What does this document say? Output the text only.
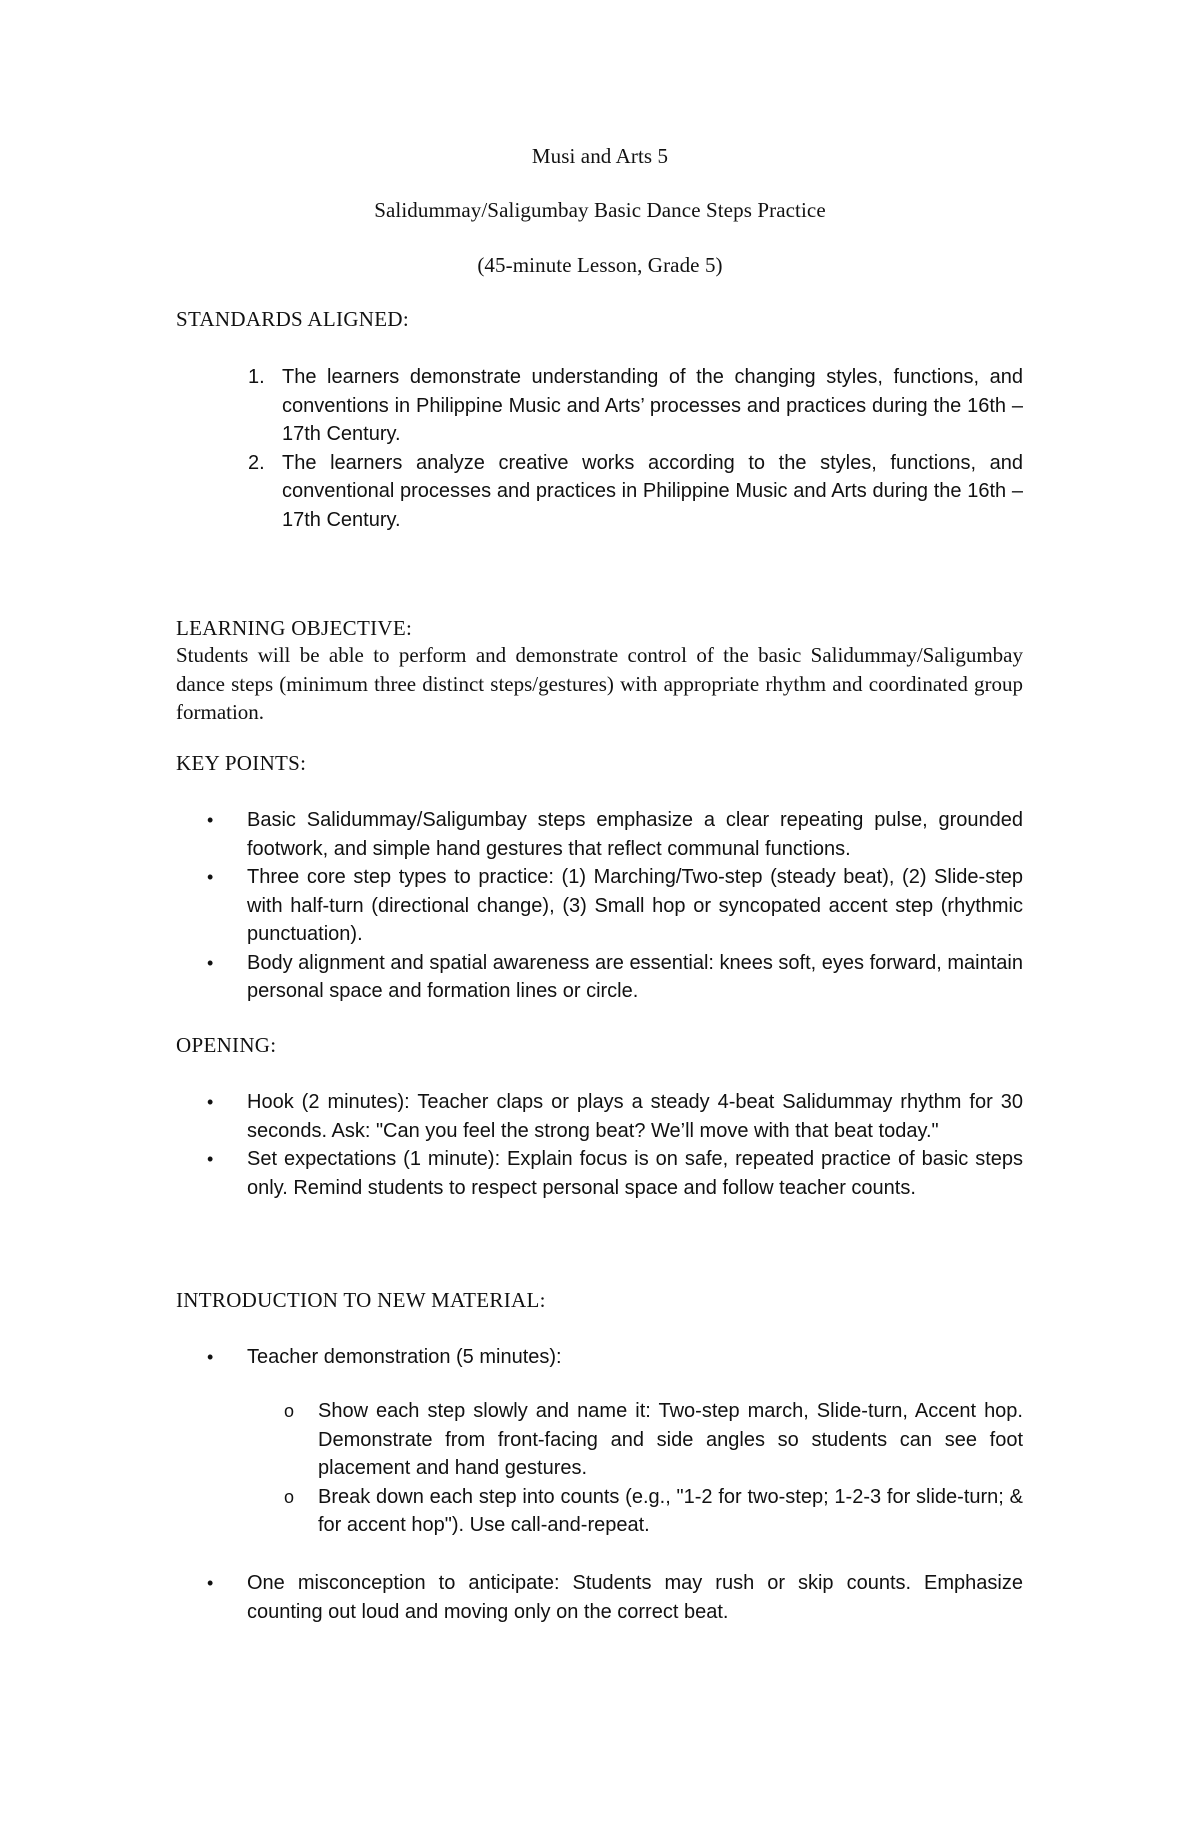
Musi and Arts 5
Salidummay/Saligumbay Basic Dance Steps Practice
(45-minute Lesson, Grade 5)
STANDARDS ALIGNED:
1. The learners demonstrate understanding of the changing styles, functions, and conventions in Philippine Music and Arts’ processes and practices during the 16th – 17th Century.
2. The learners analyze creative works according to the styles, functions, and conventional processes and practices in Philippine Music and Arts during the 16th – 17th Century.
LEARNING OBJECTIVE:
Students will be able to perform and demonstrate control of the basic Salidummay/Saligumbay dance steps (minimum three distinct steps/gestures) with appropriate rhythm and coordinated group formation.
KEY POINTS:
• Basic Salidummay/Saligumbay steps emphasize a clear repeating pulse, grounded footwork, and simple hand gestures that reflect communal functions.
• Three core step types to practice: (1) Marching/Two-step (steady beat), (2) Slide-step with half-turn (directional change), (3) Small hop or syncopated accent step (rhythmic punctuation).
• Body alignment and spatial awareness are essential: knees soft, eyes forward, maintain personal space and formation lines or circle.
OPENING:
• Hook (2 minutes): Teacher claps or plays a steady 4-beat Salidummay rhythm for 30 seconds. Ask: "Can you feel the strong beat? We’ll move with that beat today."
• Set expectations (1 minute): Explain focus is on safe, repeated practice of basic steps only. Remind students to respect personal space and follow teacher counts.
INTRODUCTION TO NEW MATERIAL:
• Teacher demonstration (5 minutes):
o Show each step slowly and name it: Two-step march, Slide-turn, Accent hop. Demonstrate from front-facing and side angles so students can see foot placement and hand gestures.
o Break down each step into counts (e.g., "1-2 for two-step; 1-2-3 for slide-turn; & for accent hop"). Use call-and-repeat.
• One misconception to anticipate: Students may rush or skip counts. Emphasize counting out loud and moving only on the correct beat.
